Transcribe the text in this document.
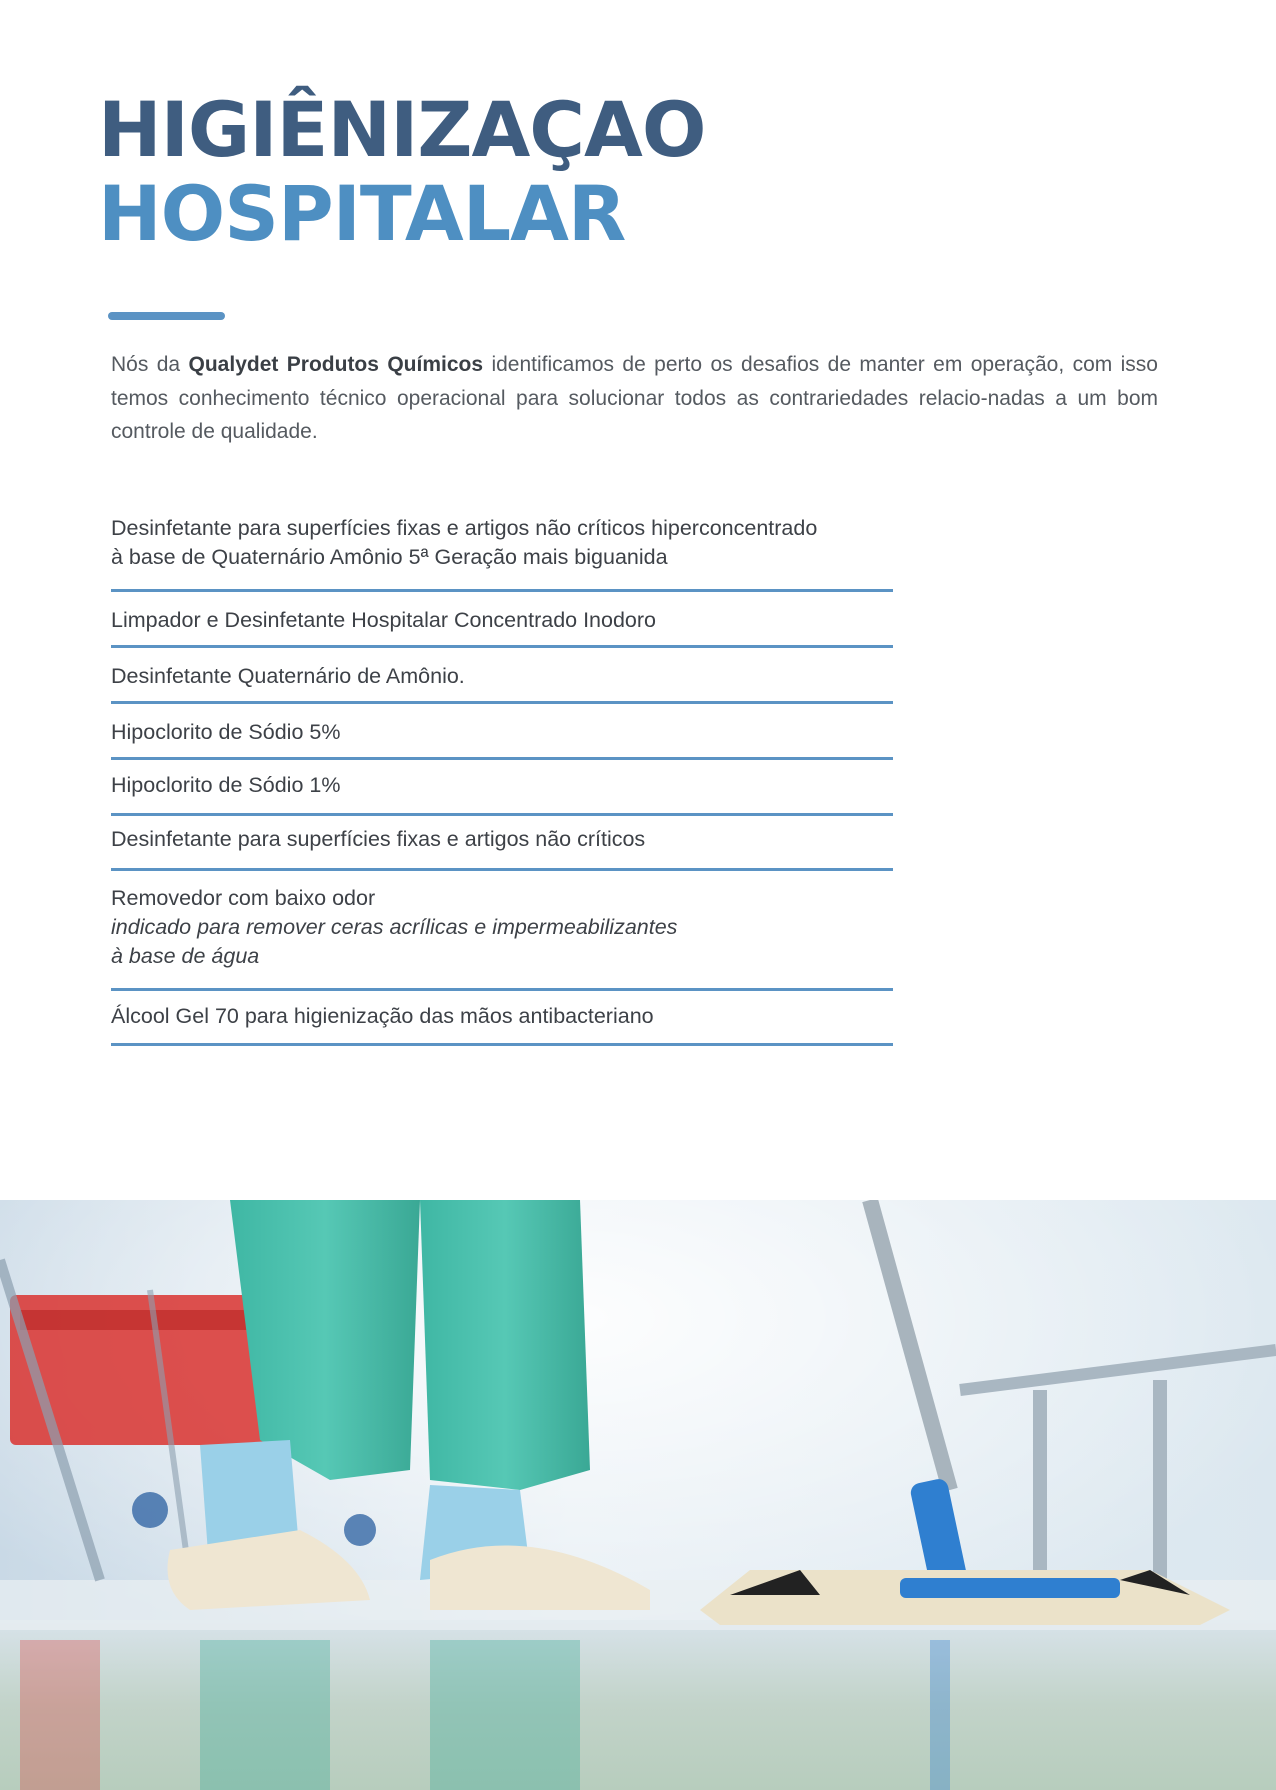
HIGIÊNIZAÇAO
HOSPITALAR

Nós da Qualydet Produtos Químicos identificamos de perto os desafios de manter em operação, com isso temos conhecimento técnico operacional para solucionar todos as contrariedades relacio-nadas a um bom controle de qualidade.

Desinfetante para superfícies fixas e artigos não críticos hiperconcentrado
à base de Quaternário Amônio 5ª Geração mais biguanida
Limpador e Desinfetante Hospitalar Concentrado Inodoro
Desinfetante Quaternário de Amônio.
Hipoclorito de Sódio 5%
Hipoclorito de Sódio 1%
Desinfetante para superfícies fixas e artigos não críticos
Removedor com baixo odor
indicado para remover ceras acrílicas e impermeabilizantes
à base de água
Álcool Gel 70 para higienização das mãos antibacteriano
